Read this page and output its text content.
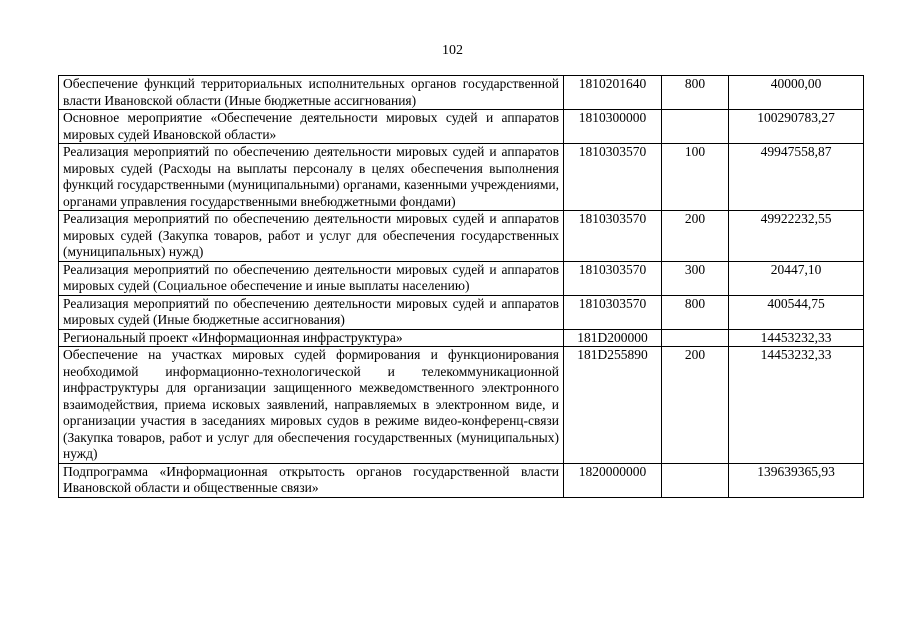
102
Обеспечение функций территориальных исполнительных органов государственной власти Ивановской области (Иные бюджетные ассигнования)	1810201640	800	40000,00
Основное мероприятие «Обеспечение деятельности мировых судей и аппаратов мировых судей Ивановской области»	1810300000		100290783,27
Реализация мероприятий по обеспечению деятельности мировых судей и аппаратов мировых судей (Расходы на выплаты персоналу в целях обеспечения выполнения функций государственными (муниципальными) органами, казенными учреждениями, органами управления государственными внебюджетными фондами)	1810303570	100	49947558,87
Реализация мероприятий по обеспечению деятельности мировых судей и аппаратов мировых судей (Закупка товаров, работ и услуг для обеспечения государственных (муниципальных) нужд)	1810303570	200	49922232,55
Реализация мероприятий по обеспечению деятельности мировых судей и аппаратов мировых судей (Социальное обеспечение и иные выплаты населению)	1810303570	300	20447,10
Реализация мероприятий по обеспечению деятельности мировых судей и аппаратов мировых судей (Иные бюджетные ассигнования)	1810303570	800	400544,75
Региональный проект «Информационная инфраструктура»	181D200000		14453232,33
Обеспечение на участках мировых судей формирования и функционирования необходимой информационно-технологической и телекоммуникационной инфраструктуры для организации защищенного межведомственного электронного взаимодействия, приема исковых заявлений, направляемых в электронном виде, и организации участия в заседаниях мировых судов в режиме видео-конференц-связи (Закупка товаров, работ и услуг для обеспечения государственных (муниципальных) нужд)	181D255890	200	14453232,33
Подпрограмма «Информационная открытость органов государственной власти Ивановской области и общественные связи»	1820000000		139639365,93
